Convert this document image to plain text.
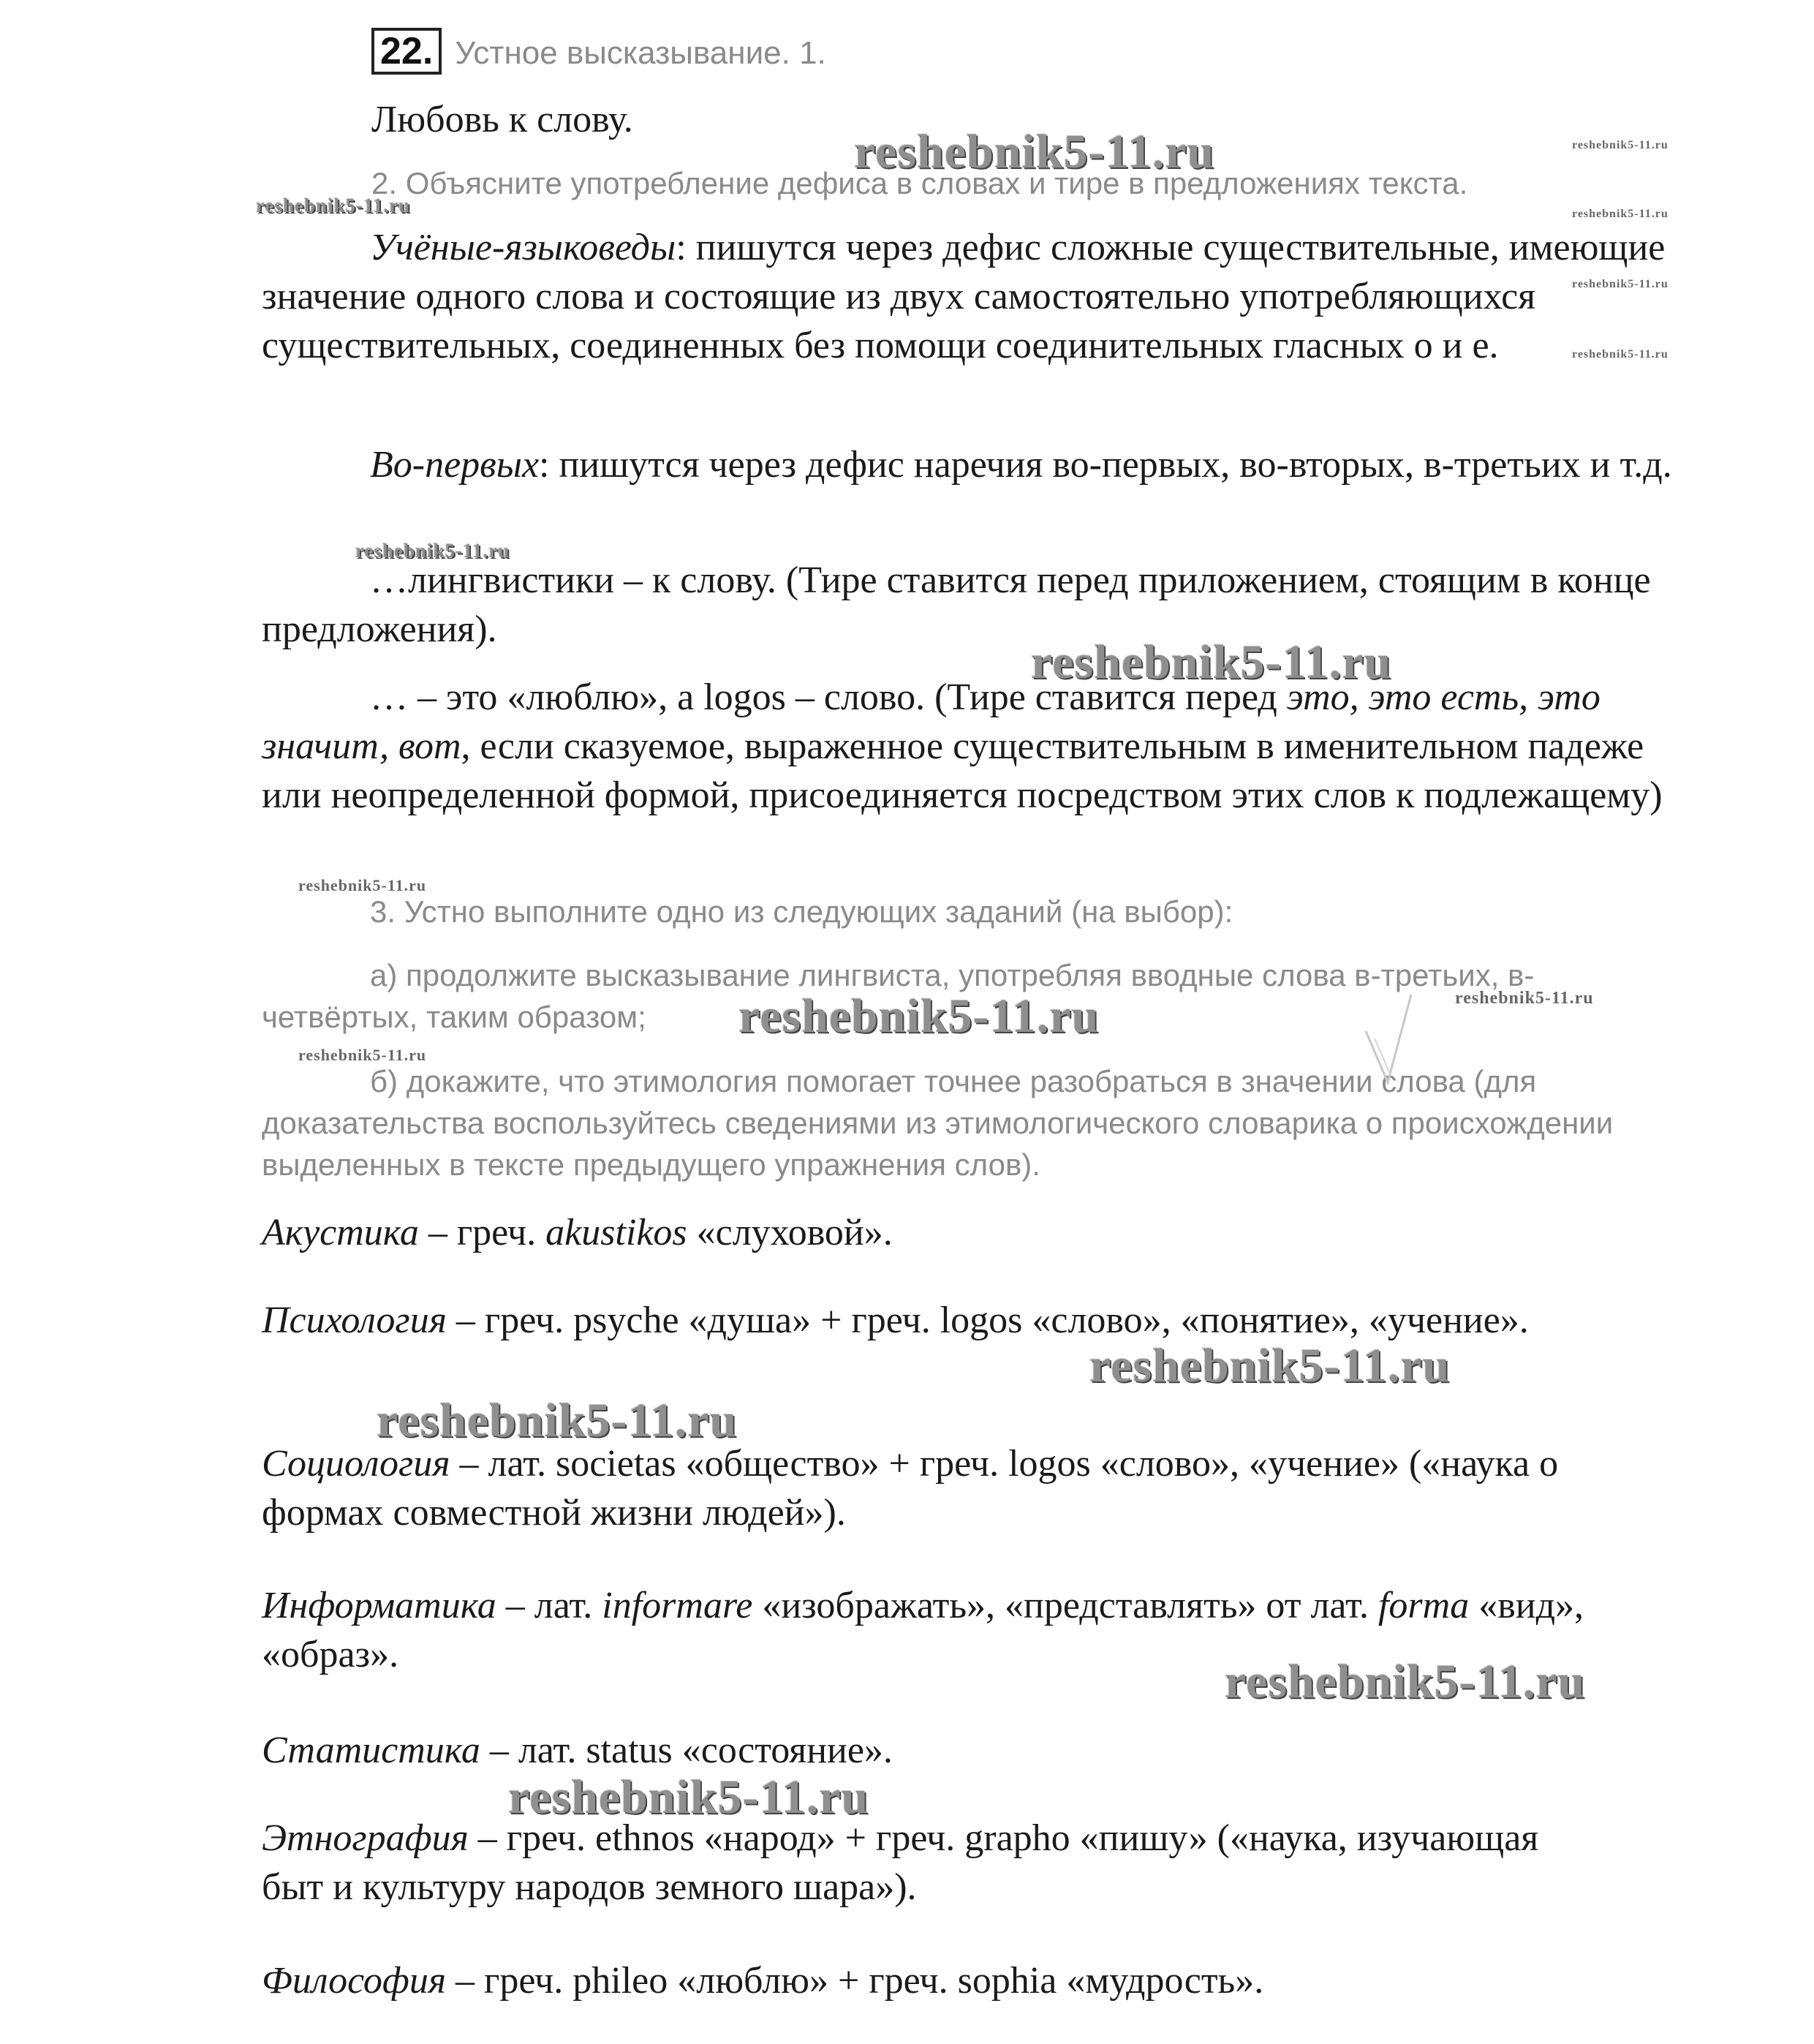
22. Устное высказывание. 1.
Любовь к слову.
2. Объясните употребление дефиса в словах и тире в предложениях текста.
Учёные-языковеды: пишутся через дефис сложные существительные, имеющие значение одного слова и состоящие из двух самостоятельно употребляющихся существительных, соединенных без помощи соединительных гласных о и е.
Во-первых: пишутся через дефис наречия во-первых, во-вторых, в-третьих и т.д.
…лингвистики – к слову. (Тире ставится перед приложением, стоящим в конце предложения).
… – это «люблю», a logos – слово. (Тире ставится перед это, это есть, это значит, вот, если сказуемое, выраженное существительным в именительном падеже или неопределенной формой, присоединяется посредством этих слов к подлежащему)
3. Устно выполните одно из следующих заданий (на выбор):
а) продолжите высказывание лингвиста, употребляя вводные слова в-третьих, в-четвёртых, таким образом;
б) докажите, что этимология помогает точнее разобраться в значении слова (для доказательства воспользуйтесь сведениями из этимологического словарика о происхождении выделенных в тексте предыдущего упражнения слов).
Акустика – греч. akustikos «слуховой».
Психология – греч. psyche «душа» + греч. logos «слово», «понятие», «учение».
Социология – лат. societas «общество» + греч. logos «слово», «учение» («наука о формах совместной жизни людей»).
Информатика – лат. informare «изображать», «представлять» от лат. forma «вид», «образ».
Статистика – лат. status «состояние».
Этнография – греч. ethnos «народ» + греч. grapho «пишу» («наука, изучающая быт и культуру народов земного шара»).
Философия – греч. phileo «люблю» + греч. sophia «мудрость».
reshebnik5-11.ru
reshebnik5-11.ru
reshebnik5-11.ru
reshebnik5-11.ru
reshebnik5-11.ru
reshebnik5-11.ru
reshebnik5-11.ru
reshebnik5-11.ru
reshebnik5-11.ru
reshebnik5-11.ru	reshebnik5-11.ru
reshebnik5-11.ru
reshebnik5-11.ru
reshebnik5-11.ru
reshebnik5-11.ru
reshebnik5-11.ru
